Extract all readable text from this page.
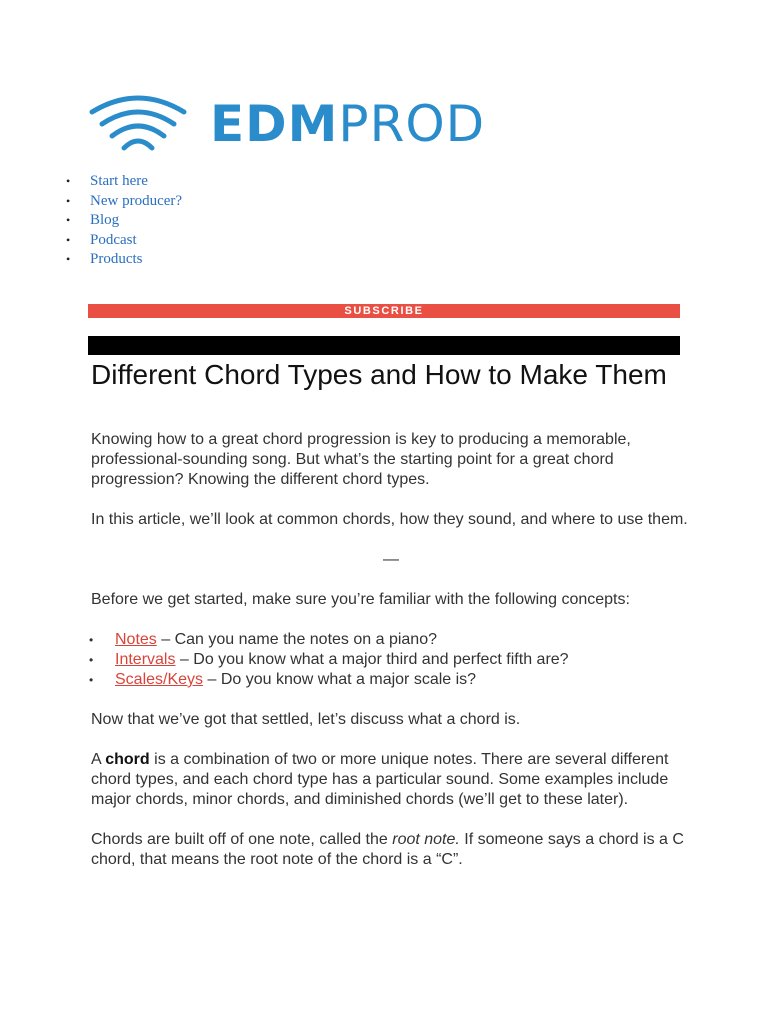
EDMPROD
•	Start here
•	New producer?
•	Blog
•	Podcast
•	Products
SUBSCRIBE
Different Chord Types and How to Make Them

Knowing how to a great chord progression is key to producing a memorable, professional-sounding song. But what’s the starting point for a great chord progression? Knowing the different chord types.

In this article, we’ll look at common chords, how they sound, and where to use them.

—

Before we get started, make sure you’re familiar with the following concepts:

•	Notes – Can you name the notes on a piano?
•	Intervals – Do you know what a major third and perfect fifth are?
•	Scales/Keys – Do you know what a major scale is?

Now that we’ve got that settled, let’s discuss what a chord is.

A chord is a combination of two or more unique notes. There are several different chord types, and each chord type has a particular sound. Some examples include major chords, minor chords, and diminished chords (we’ll get to these later).

Chords are built off of one note, called the root note. If someone says a chord is a C chord, that means the root note of the chord is a “C”.
